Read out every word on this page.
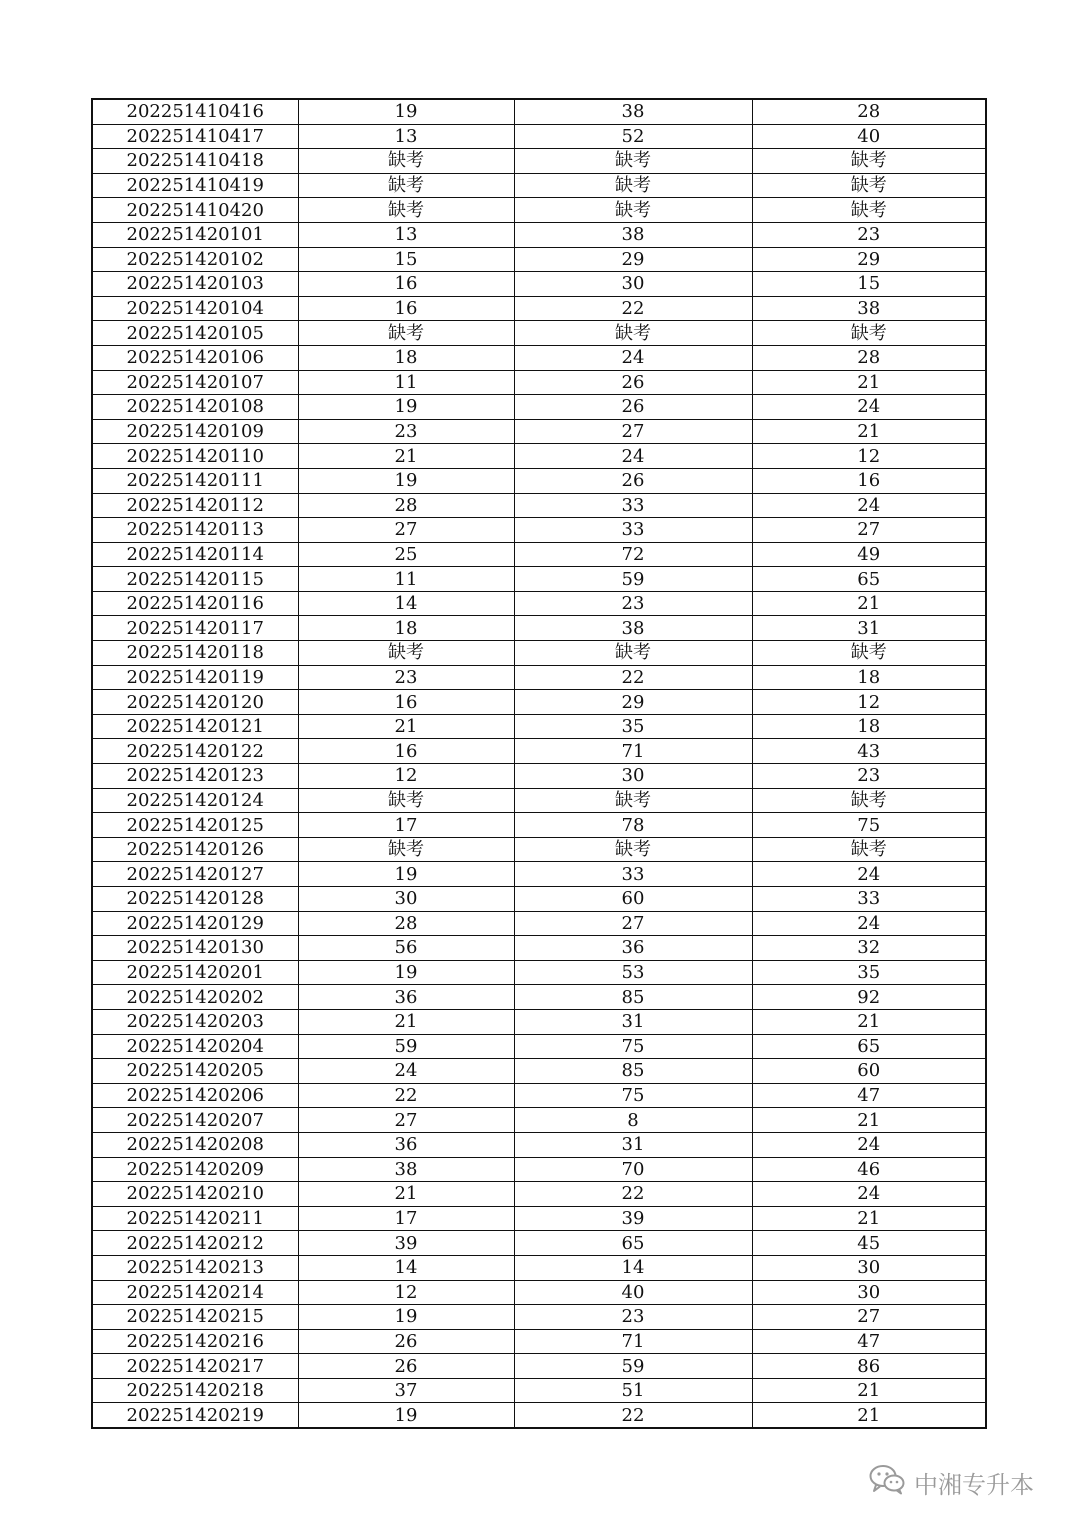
202251410416	19	38	28
202251410417	13	52	40
202251410418	缺考	缺考	缺考
202251410419	缺考	缺考	缺考
202251410420	缺考	缺考	缺考
202251420101	13	38	23
202251420102	15	29	29
202251420103	16	30	15
202251420104	16	22	38
202251420105	缺考	缺考	缺考
202251420106	18	24	28
202251420107	11	26	21
202251420108	19	26	24
202251420109	23	27	21
202251420110	21	24	12
202251420111	19	26	16
202251420112	28	33	24
202251420113	27	33	27
202251420114	25	72	49
202251420115	11	59	65
202251420116	14	23	21
202251420117	18	38	31
202251420118	缺考	缺考	缺考
202251420119	23	22	18
202251420120	16	29	12
202251420121	21	35	18
202251420122	16	71	43
202251420123	12	30	23
202251420124	缺考	缺考	缺考
202251420125	17	78	75
202251420126	缺考	缺考	缺考
202251420127	19	33	24
202251420128	30	60	33
202251420129	28	27	24
202251420130	56	36	32
202251420201	19	53	35
202251420202	36	85	92
202251420203	21	31	21
202251420204	59	75	65
202251420205	24	85	60
202251420206	22	75	47
202251420207	27	8	21
202251420208	36	31	24
202251420209	38	70	46
202251420210	21	22	24
202251420211	17	39	21
202251420212	39	65	45
202251420213	14	14	30
202251420214	12	40	30
202251420215	19	23	27
202251420216	26	71	47
202251420217	26	59	86
202251420218	37	51	21
202251420219	19	22	21
中湘专升本
